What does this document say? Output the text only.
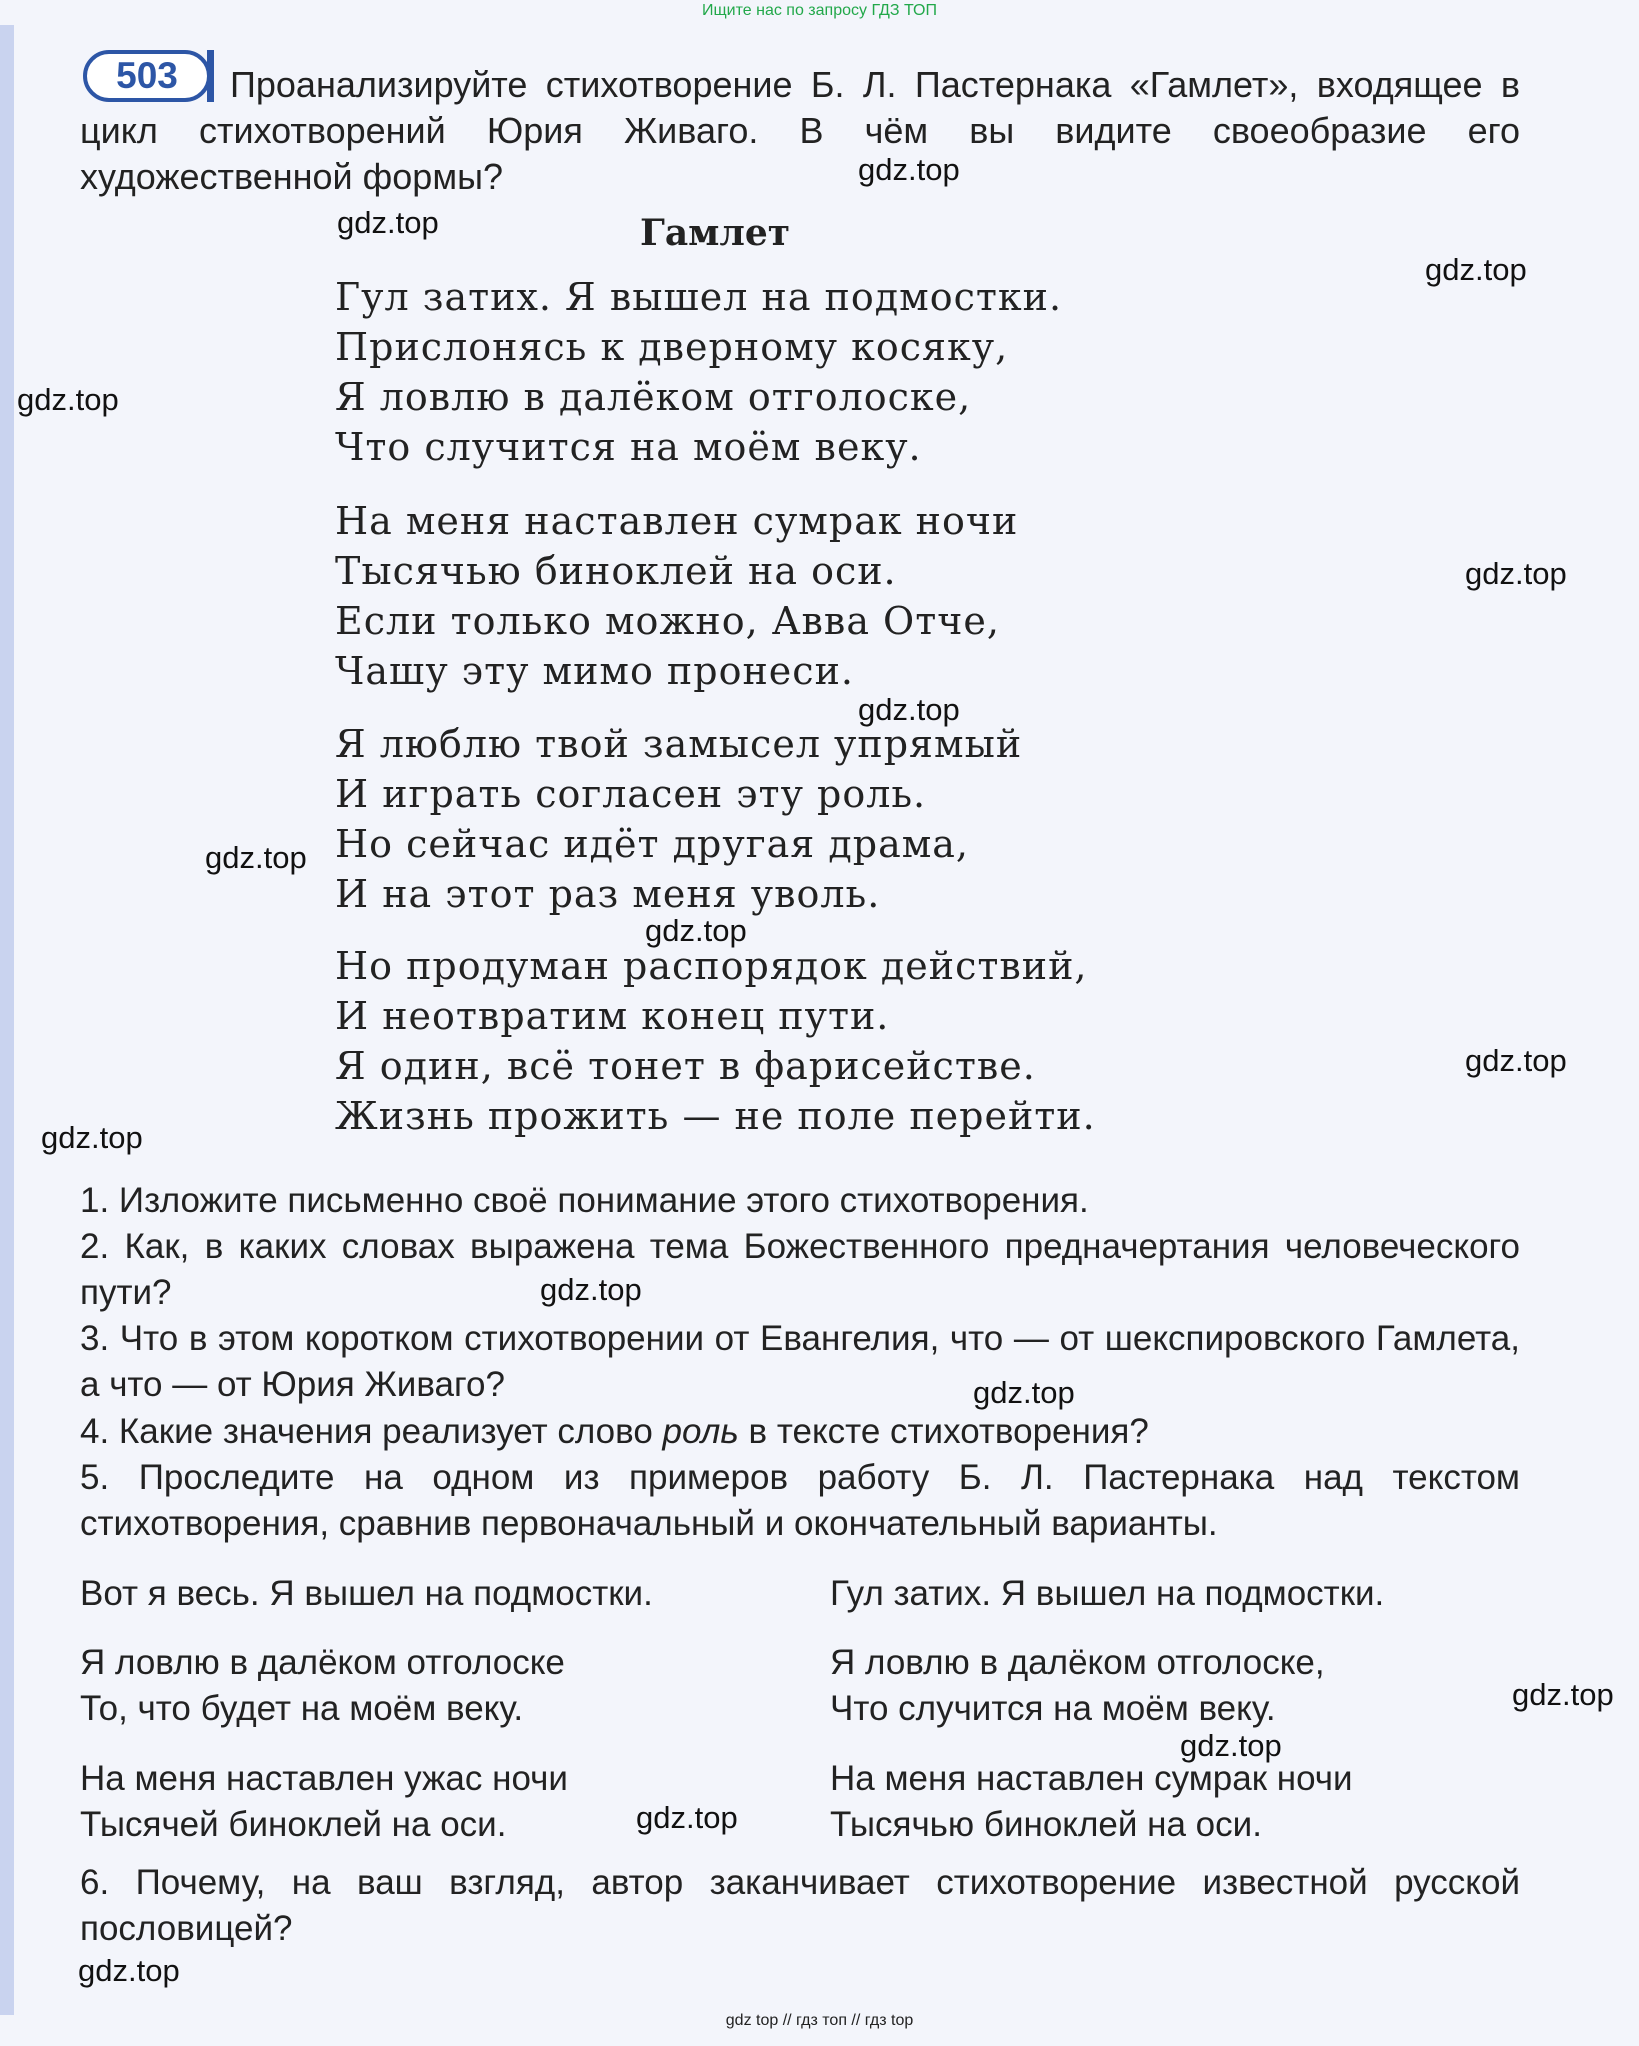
Ищите нас по запросу ГДЗ ТОП
503	Проанализируйте стихотворение Б. Л. Пастернака «Гамлет», входящее в цикл стихотворений Юрия Живаго. В чём вы видите своеобразие его художественной формы?

Гамлет
Гул затих. Я вышел на подмостки.
Прислонясь к дверному косяку,
Я ловлю в далёком отголоске,
Что случится на моём веку.
На меня наставлен сумрак ночи
Тысячью биноклей на оси.
Если только можно, Авва Отче,
Чашу эту мимо пронеси.
Я люблю твой замысел упрямый
И играть согласен эту роль.
Но сейчас идёт другая драма,
И на этот раз меня уволь.
Но продуман распорядок действий,
И неотвратим конец пути.
Я один, всё тонет в фарисействе.
Жизнь прожить — не поле перейти.
1. Изложите письменно своё понимание этого стихотворения.
2. Как, в каких словах выражена тема Божественного предначертания человеческого пути?
3. Что в этом коротком стихотворении от Евангелия, что — от шекспировского Гамлета, а что — от Юрия Живаго?
4. Какие значения реализует слово роль в тексте стихотворения?
5. Проследите на одном из примеров работу Б. Л. Пастернака над текстом стихотворения, сравнив первоначальный и окончательный варианты.
Вот я весь. Я вышел на подмостки.
Я ловлю в далёком отголоске
То, что будет на моём веку.
На меня наставлен ужас ночи
Тысячей биноклей на оси.
Гул затих. Я вышел на подмостки.
Я ловлю в далёком отголоске,
Что случится на моём веку.
На меня наставлен сумрак ночи
Тысячью биноклей на оси.
6. Почему, на ваш взгляд, автор заканчивает стихотворение известной русской пословицей?
gdz.top
gdz.top
gdz.top
gdz.top
gdz.top
gdz.top
gdz.top
gdz.top
gdz.top
gdz.top
gdz.top
gdz.top
gdz.top
gdz.top
gdz.top
gdz.top
gdz top // гдз топ // гдз top
